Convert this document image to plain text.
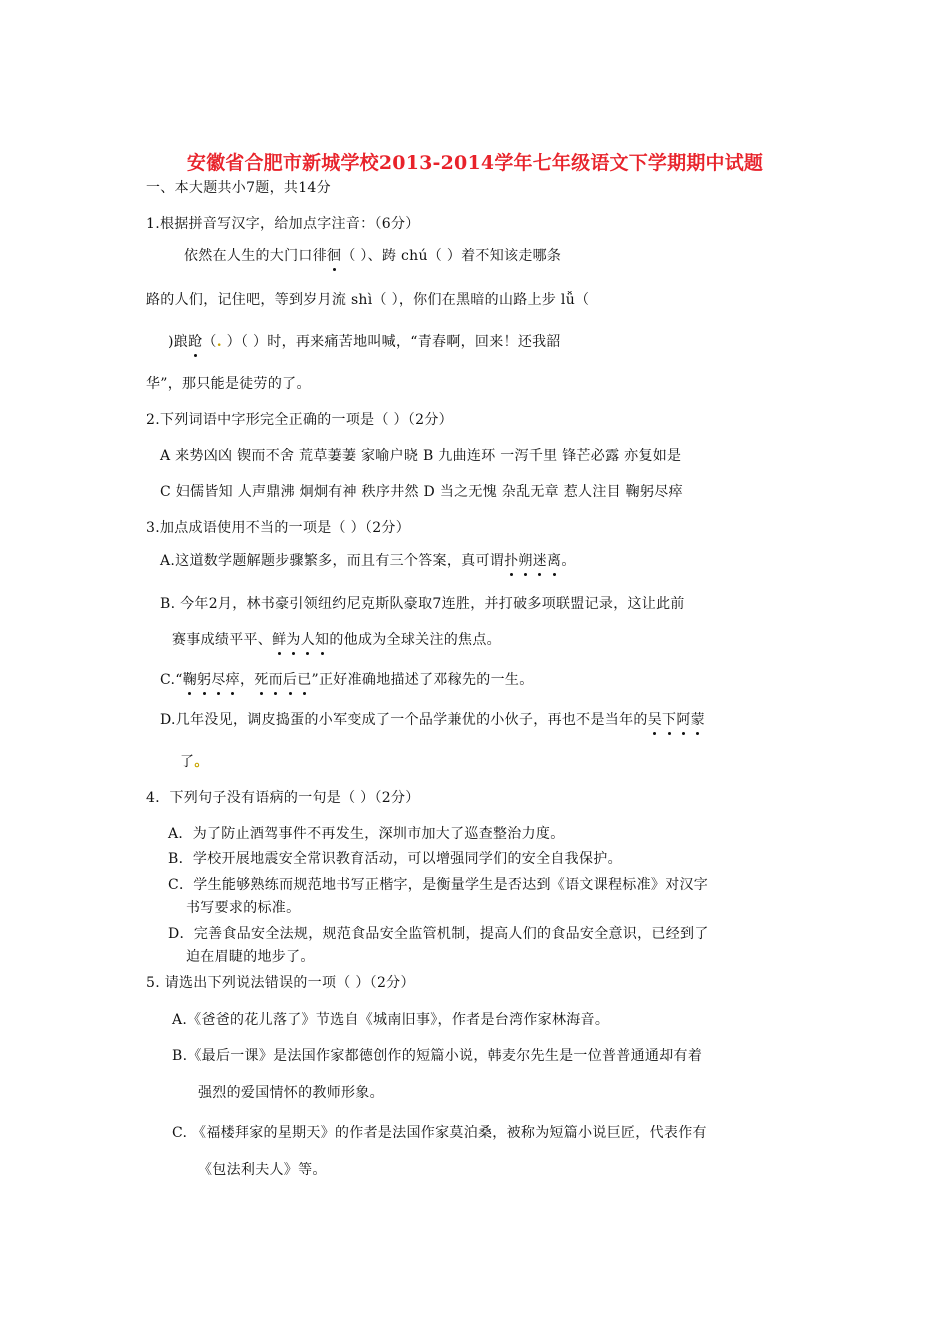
安徽省合肥市新城学校2013-2014学年七年级语文下学期期中试题
一、本大题共小7题，共14分
1.根据拼音写汉字，给加点字注音：（6分）
依然在人生的大门口徘徊（ ）、踌 chú（ ）着不知该走哪条
路的人们，记住吧，等到岁月流 shì（ ），你们在黑暗的山路上步 lǚ（
)踉跄（. ）（ ）时，再来痛苦地叫喊，“青春啊，回来！还我韶
华”，那只能是徒劳的了。
2.下列词语中字形完全正确的一项是（ ）（2分）
A 来势凶凶 锲而不舍 荒草萋萋 家喻户晓 B 九曲连环 一泻千里 锋芒必露 亦复如是
C 妇儒皆知 人声鼎沸 炯炯有神 秩序井然 D 当之无愧 杂乱无章 惹人注目 鞠躬尽瘁
3.加点成语使用不当的一项是（ ）（2分）
A.这道数学题解题步骤繁多，而且有三个答案，真可谓扑朔迷离。
B. 今年2月，林书豪引领纽约尼克斯队豪取7连胜，并打破多项联盟记录，这让此前
赛事成绩平平、鲜为人知的他成为全球关注的焦点。
C.“鞠躬尽瘁，死而后已”正好准确地描述了邓稼先的一生。
D.几年没见，调皮捣蛋的小军变成了一个品学兼优的小伙子，再也不是当年的吴下阿蒙
了。
4．下列句子没有语病的一句是（ ）（2分）
A．为了防止酒驾事件不再发生，深圳市加大了巡查整治力度。
B．学校开展地震安全常识教育活动，可以增强同学们的安全自我保护。
C．学生能够熟练而规范地书写正楷字，是衡量学生是否达到《语文课程标准》对汉字
书写要求的标准。
D．完善食品安全法规，规范食品安全监管机制，提高人们的食品安全意识，已经到了
迫在眉睫的地步了。
5. 请选出下列说法错误的一项（ ）（2分）
A.《爸爸的花儿落了》节选自《城南旧事》，作者是台湾作家林海音。
B.《最后一课》是法国作家都德创作的短篇小说，韩麦尔先生是一位普普通通却有着
强烈的爱国情怀的教师形象。
C. 《福楼拜家的星期天》的作者是法国作家莫泊桑，被称为短篇小说巨匠，代表作有
《包法利夫人》等。
